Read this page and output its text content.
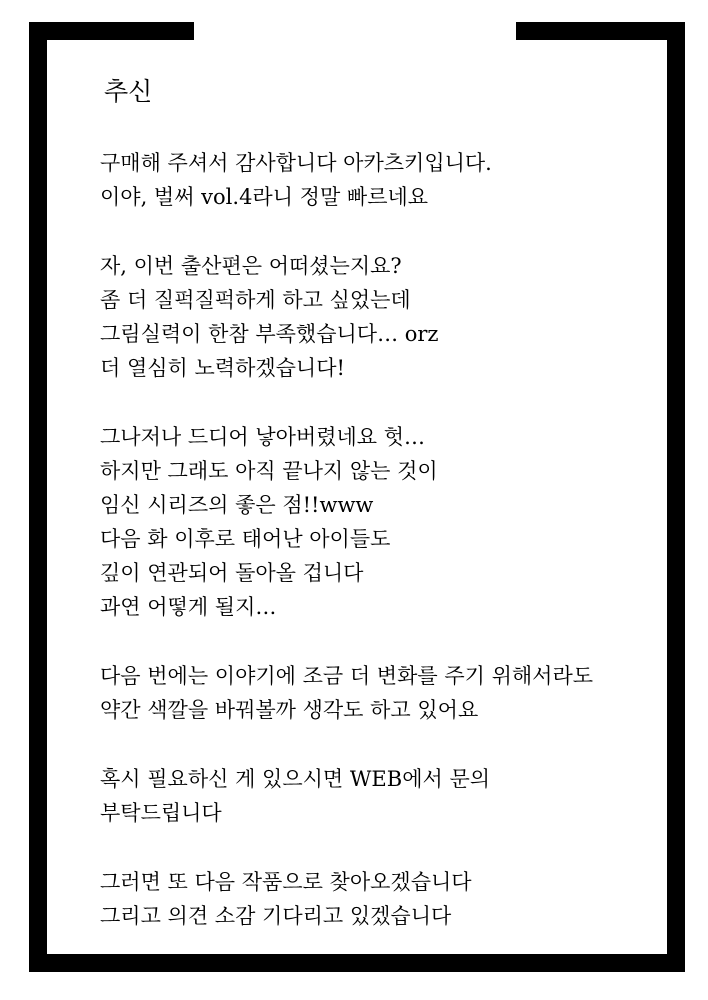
추신
구매해 주셔서 감사합니다 아카츠키입니다.
이야, 벌써 vol.4라니 정말 빠르네요
자, 이번 출산편은 어떠셨는지요?
좀 더 질퍽질퍽하게 하고 싶었는데
그림실력이 한참 부족했습니다… orz
더 열심히 노력하겠습니다!
그나저나 드디어 낳아버렸네요 헛…
하지만 그래도 아직 끝나지 않는 것이
임신 시리즈의 좋은 점!!www
다음 화 이후로 태어난 아이들도
깊이 연관되어 돌아올 겁니다
과연 어떻게 될지…
다음 번에는 이야기에 조금 더 변화를 주기 위해서라도
약간 색깔을 바꿔볼까 생각도 하고 있어요
혹시 필요하신 게 있으시면 WEB에서 문의
부탁드립니다
그러면 또 다음 작품으로 찾아오겠습니다
그리고 의견 소감 기다리고 있겠습니다
